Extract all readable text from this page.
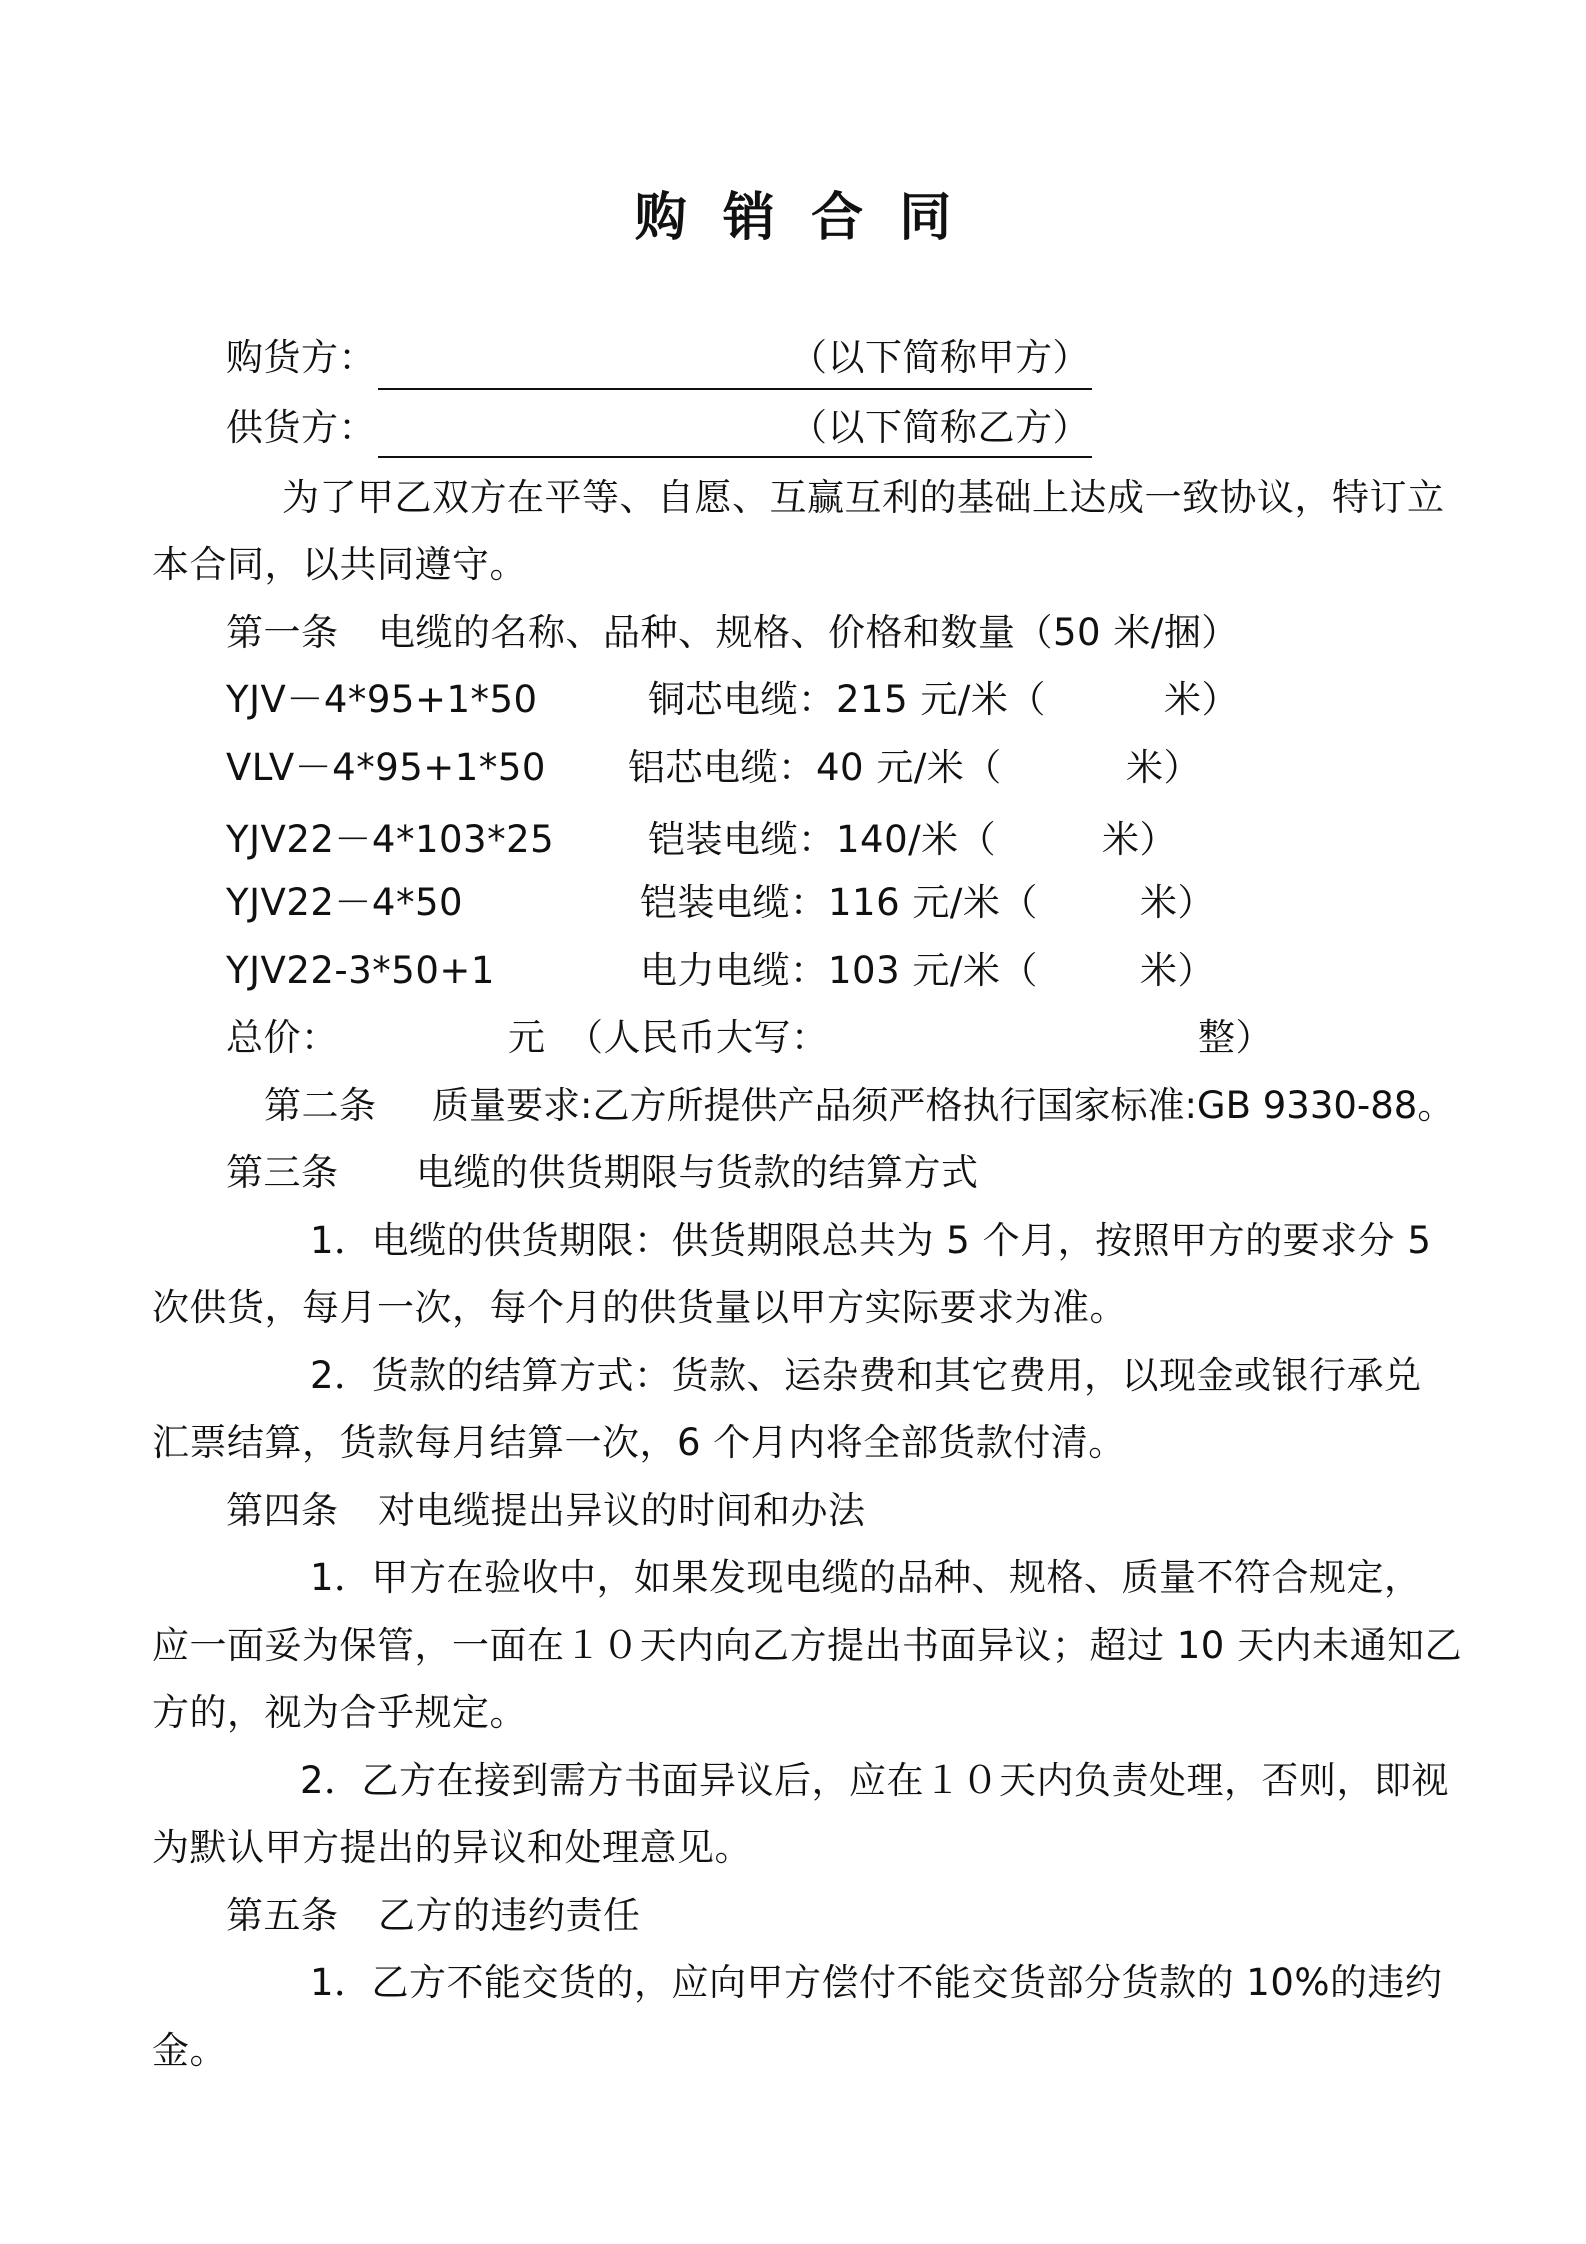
购  销  合  同
购货方：	（以下简称甲方）
供货方：	（以下简称乙方）
为了甲乙双方在平等、自愿、互赢互利的基础上达成一致协议，特订立
本合同，以共同遵守。
第一条 电缆的名称、品种、规格、价格和数量（50 米/捆）
YJV－4*95+1*50	铜芯电缆： 215 元/米（	米）
VLV－4*95+1*50 铝芯电缆： 40 元/米（	米）
YJV22－4*103*25	铠装电缆： 140/米（	米）
YJV22－4*50	铠装电缆： 116 元/米（	米）
YJV22-3*50+1	电力电缆： 103 元/米（	米）
总价：	元 （人民币大写：	整）
第二条 质量要求:乙方所提供产品须严格执行国家标准:GB 9330-88。
第三条 电缆的供货期限与货款的结算方式
1．电缆的供货期限：供货期限总共为 5 个月，按照甲方的要求分 5
次供货，每月一次，每个月的供货量以甲方实际要求为准。
2．货款的结算方式：货款、运杂费和其它费用，以现金或银行承兑
汇票结算，货款每月结算一次，6 个月内将全部货款付清。
第四条 对电缆提出异议的时间和办法
1．甲方在验收中，如果发现电缆的品种、规格、质量不符合规定，
应一面妥为保管，一面在１０天内向乙方提出书面异议；超过 10 天内未通知乙
方的，视为合乎规定。
2．乙方在接到需方书面异议后，应在１０天内负责处理，否则，即视
为默认甲方提出的异议和处理意见。
第五条 乙方的违约责任
1．乙方不能交货的，应向甲方偿付不能交货部分货款的 10%的违约
金。
